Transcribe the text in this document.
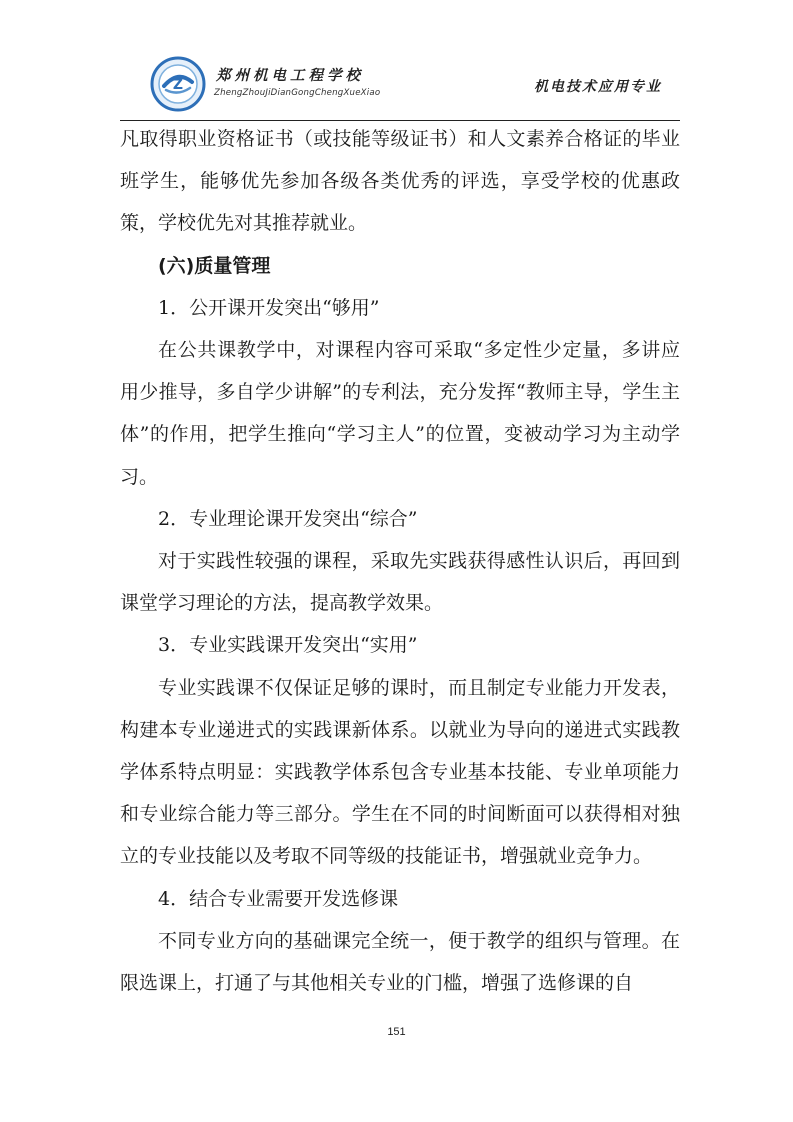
Z
郑州机电工程学校
ZhengZhouJiDianGongChengXueXiao	机电技术应用专业

凡取得职业资格证书（或技能等级证书）和人文素养合格证的毕业班学生，能够优先参加各级各类优秀的评选，享受学校的优惠政策，学校优先对其推荐就业。

(六)质量管理

1．公开课开发突出“够用”

在公共课教学中，对课程内容可采取“多定性少定量，多讲应用少推导，多自学少讲解”的专利法，充分发挥“教师主导，学生主体”的作用，把学生推向“学习主人”的位置，变被动学习为主动学习。

2．专业理论课开发突出“综合”

对于实践性较强的课程，采取先实践获得感性认识后，再回到课堂学习理论的方法，提高教学效果。

3．专业实践课开发突出“实用”

专业实践课不仅保证足够的课时，而且制定专业能力开发表，构建本专业递进式的实践课新体系。以就业为导向的递进式实践教学体系特点明显：实践教学体系包含专业基本技能、专业单项能力和专业综合能力等三部分。学生在不同的时间断面可以获得相对独立的专业技能以及考取不同等级的技能证书，增强就业竞争力。

4．结合专业需要开发选修课

不同专业方向的基础课完全统一，便于教学的组织与管理。在限选课上，打通了与其他相关专业的门槛，增强了选修课的自

151
